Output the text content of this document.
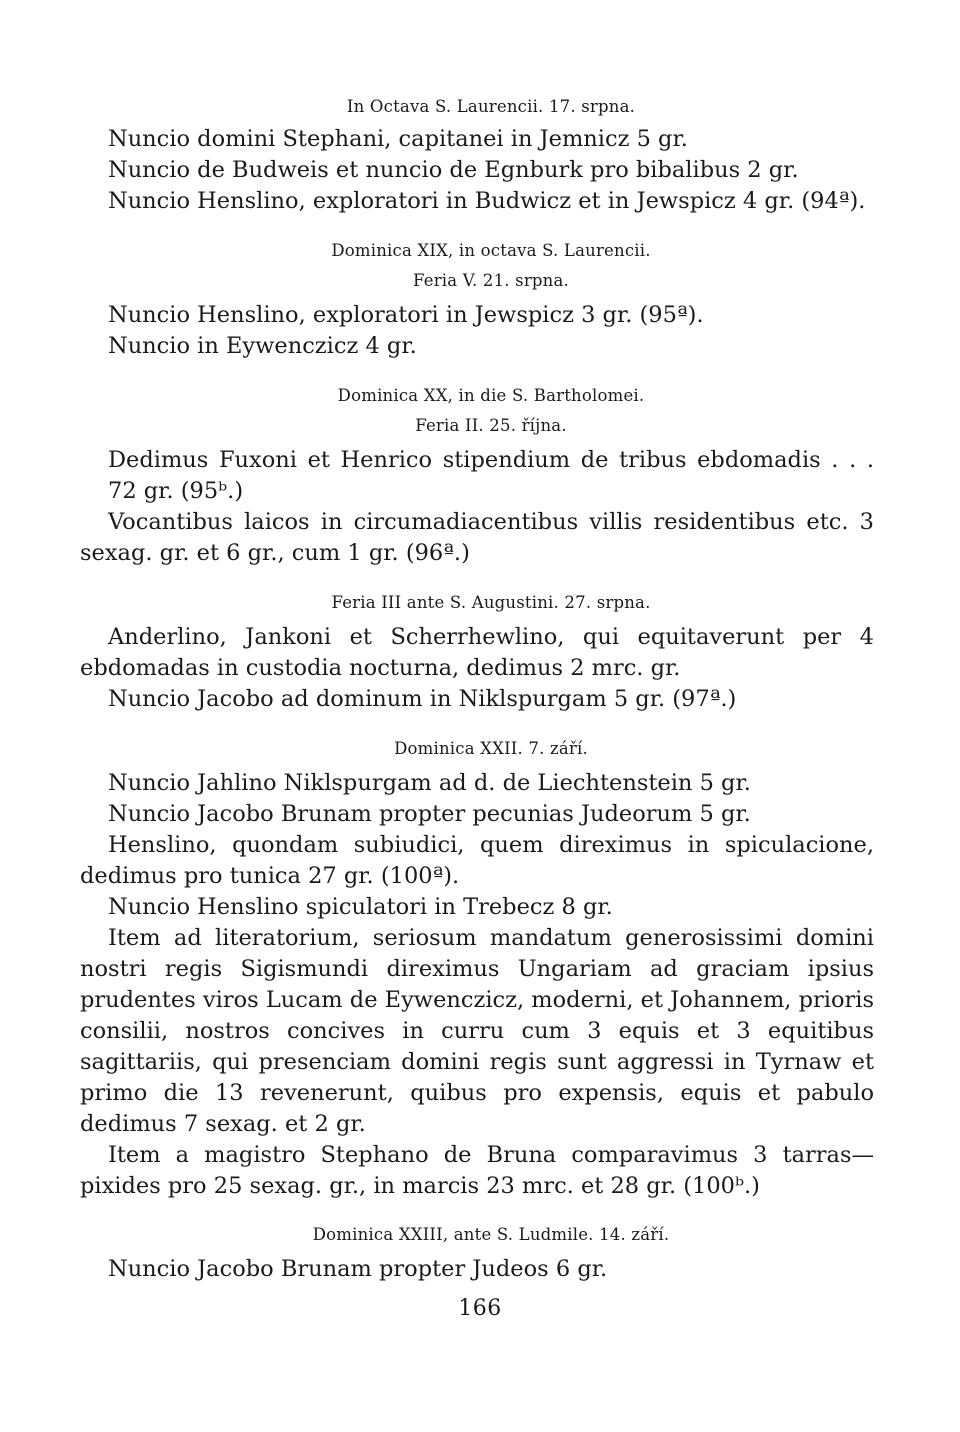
In Octava S. Laurencii. 17. srpna.

Nuncio domini Stephani, capitanei in Jemnicz 5 gr.

Nuncio de Budweis et nuncio de Egnburk pro bibalibus 2 gr.

Nuncio Henslino, exploratori in Budwicz et in Jewspicz 4 gr. (94ª).

Dominica XIX, in octava S. Laurencii.

Feria V. 21. srpna.

Nuncio Henslino, exploratori in Jewspicz 3 gr. (95ª).

Nuncio in Eywenczicz 4 gr.

Dominica XX, in die S. Bartholomei.

Feria II. 25. října.

Dedimus Fuxoni et Henrico stipendium de tribus ebdomadis . . . 72 gr. (95ᵇ.)

Vocantibus laicos in circumadiacentibus villis residentibus etc. 3 sexag. gr. et 6 gr., cum 1 gr. (96ª.)

Feria III ante S. Augustini. 27. srpna.

Anderlino, Jankoni et Scherrhewlino, qui equitaverunt per 4 ebdomadas in custodia nocturna, dedimus 2 mrc. gr.

Nuncio Jacobo ad dominum in Niklspurgam 5 gr. (97ª.)

Dominica XXII. 7. září.

Nuncio Jahlino Niklspurgam ad d. de Liechtenstein 5 gr.

Nuncio Jacobo Brunam propter pecunias Judeorum 5 gr.

Henslino, quondam subiudici, quem direximus in spiculacione, dedimus pro tunica 27 gr. (100ª).

Nuncio Henslino spiculatori in Trebecz 8 gr.

Item ad literatorium, seriosum mandatum generosissimi domini nostri regis Sigismundi direximus Ungariam ad graciam ipsius prudentes viros Lucam de Eywenczicz, moderni, et Johannem, prioris consilii, nostros concives in curru cum 3 equis et 3 equitibus sagittariis, qui presenciam domini regis sunt aggressi in Tyrnaw et primo die 13 revenerunt, quibus pro expensis, equis et pabulo dedimus 7 sexag. et 2 gr.

Item a magistro Stephano de Bruna comparavimus 3 tarras—pixides pro 25 sexag. gr., in marcis 23 mrc. et 28 gr. (100ᵇ.)

Dominica XXIII, ante S. Ludmile. 14. září.

Nuncio Jacobo Brunam propter Judeos 6 gr.

166
